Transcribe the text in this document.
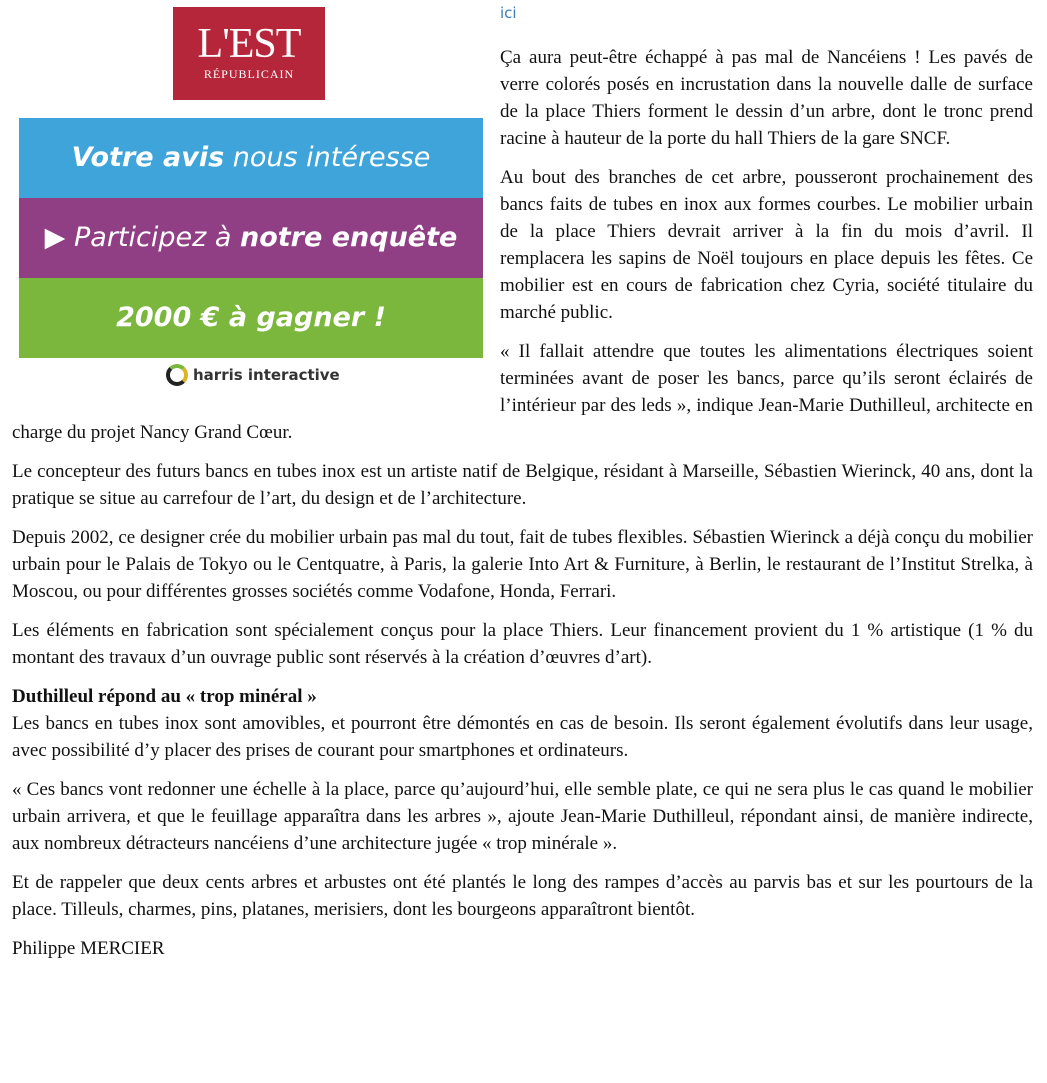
L'EST
RÉPUBLICAIN
Votre avis nous intéresse
▶ Participez à notre enquête
2000 € à gagner !
harris interactive
ici

Ça aura peut-être échappé à pas mal de Nancéiens ! Les pavés de verre colorés posés en incrustation dans la nouvelle dalle de surface de la place Thiers forment le dessin d’un arbre, dont le tronc prend racine à hauteur de la porte du hall Thiers de la gare SNCF.

Au bout des branches de cet arbre, pousseront prochainement des bancs faits de tubes en inox aux formes courbes. Le mobilier urbain de la place Thiers devrait arriver à la fin du mois d’avril. Il remplacera les sapins de Noël toujours en place depuis les fêtes. Ce mobilier est en cours de fabrication chez Cyria, société titulaire du marché public.

« Il fallait attendre que toutes les alimentations électriques soient terminées avant de poser les bancs, parce qu’ils seront éclairés de l’intérieur par des leds », indique Jean-Marie Duthilleul, architecte en charge du projet Nancy Grand Cœur.

Le concepteur des futurs bancs en tubes inox est un artiste natif de Belgique, résidant à Marseille, Sébastien Wierinck, 40 ans, dont la pratique se situe au carrefour de l’art, du design et de l’architecture.

Depuis 2002, ce designer crée du mobilier urbain pas mal du tout, fait de tubes flexibles. Sébastien Wierinck a déjà conçu du mobilier urbain pour le Palais de Tokyo ou le Centquatre, à Paris, la galerie Into Art & Furniture, à Berlin, le restaurant de l’Institut Strelka, à Moscou, ou pour différentes grosses sociétés comme Vodafone, Honda, Ferrari.

Les éléments en fabrication sont spécialement conçus pour la place Thiers. Leur financement provient du 1 % artistique (1 % du montant des travaux d’un ouvrage public sont réservés à la création d’œuvres d’art).

Duthilleul répond au « trop minéral »

Les bancs en tubes inox sont amovibles, et pourront être démontés en cas de besoin. Ils seront également évolutifs dans leur usage, avec possibilité d’y placer des prises de courant pour smartphones et ordinateurs.

« Ces bancs vont redonner une échelle à la place, parce qu’aujourd’hui, elle semble plate, ce qui ne sera plus le cas quand le mobilier urbain arrivera, et que le feuillage apparaîtra dans les arbres », ajoute Jean-Marie Duthilleul, répondant ainsi, de manière indirecte, aux nombreux détracteurs nancéiens d’une architecture jugée « trop minérale ».

Et de rappeler que deux cents arbres et arbustes ont été plantés le long des rampes d’accès au parvis bas et sur les pourtours de la place. Tilleuls, charmes, pins, platanes, merisiers, dont les bourgeons apparaîtront bientôt.

Philippe MERCIER
